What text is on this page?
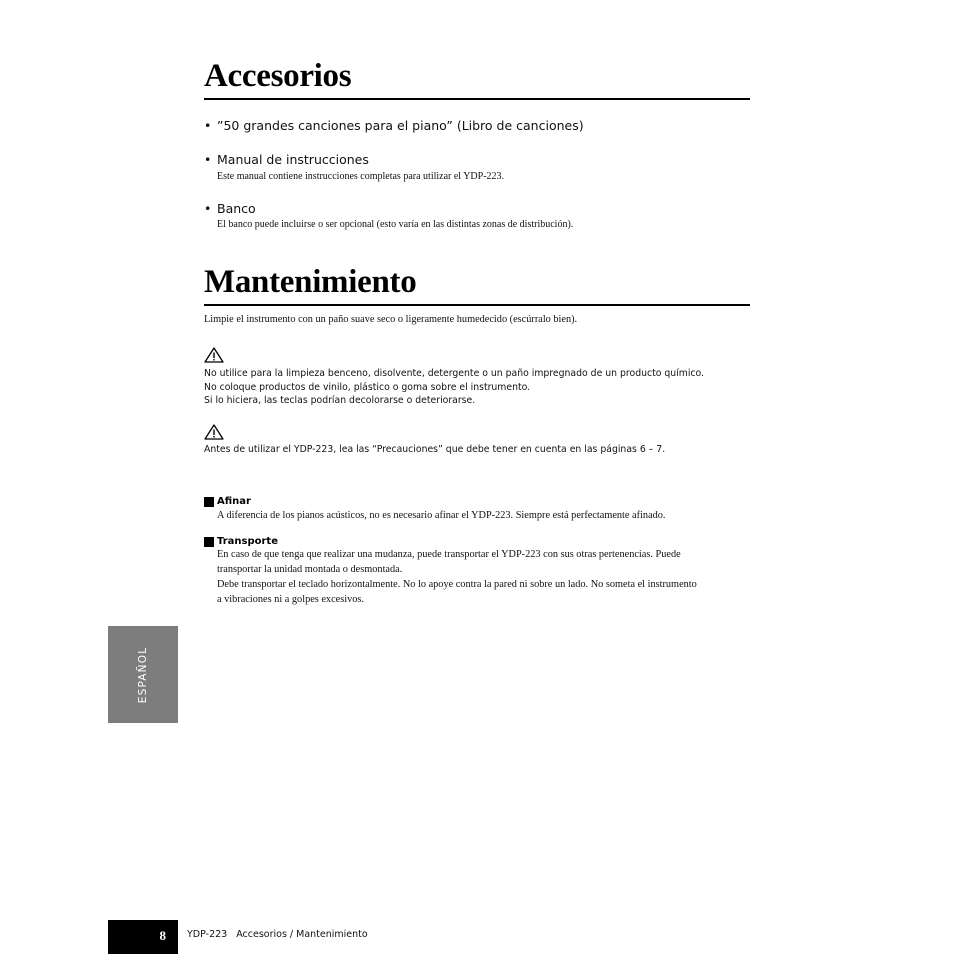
Accesorios
• ”50 grandes canciones para el piano” (Libro de canciones)
• Manual de instrucciones
Este manual contiene instrucciones completas para utilizar el YDP-223.
• Banco
El banco puede incluirse o ser opcional (esto varía en las distintas zonas de distribución).
Mantenimiento
Limpie el instrumento con un paño suave seco o ligeramente humedecido (escúrralo bien).
No utilice para la limpieza benceno, disolvente, detergente o un paño impregnado de un producto químico.
No coloque productos de vinilo, plástico o goma sobre el instrumento.
Si lo hiciera, las teclas podrían decolorarse o deteriorarse.
Antes de utilizar el YDP-223, lea las “Precauciones” que debe tener en cuenta en las páginas 6 – 7.
Afinar
A diferencia de los pianos acústicos, no es necesario afinar el YDP-223. Siempre está perfectamente afinado.
Transporte
En caso de que tenga que realizar una mudanza, puede transportar el YDP-223 con sus otras pertenencias. Puede
transportar la unidad montada o desmontada.
Debe transportar el teclado horizontalmente. No lo apoye contra la pared ni sobre un lado. No someta el instrumento
a vibraciones ni a golpes excesivos.
ESPAÑOL
8 YDP-223 Accesorios / Mantenimiento
